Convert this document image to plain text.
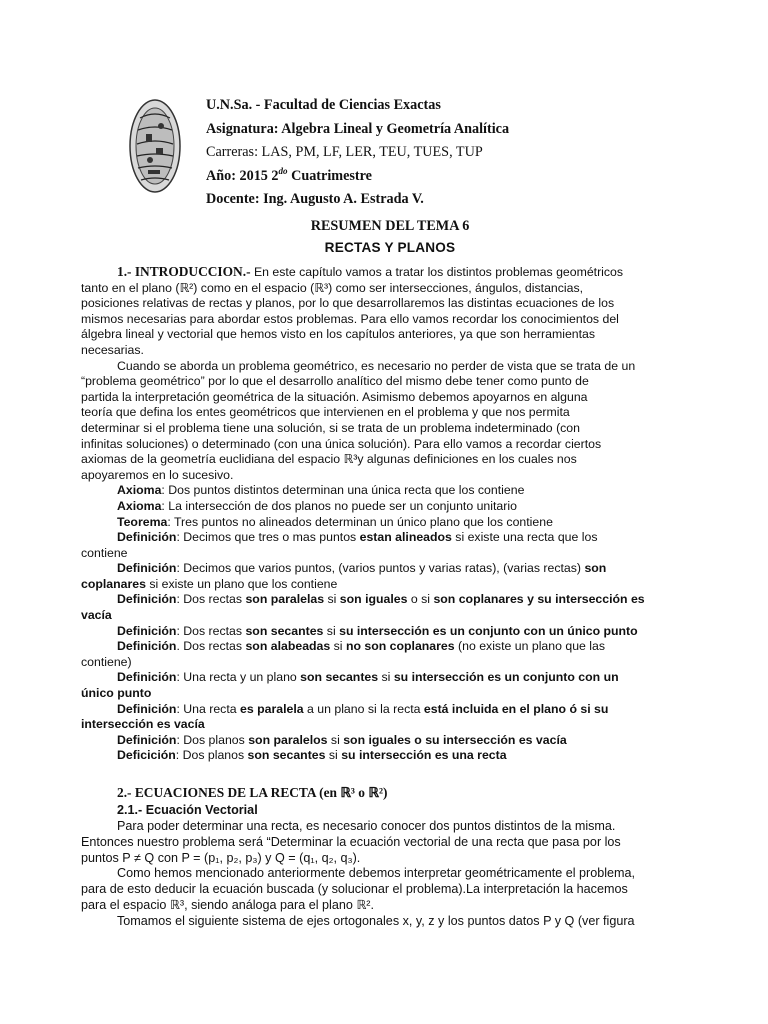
U.N.Sa. - Facultad de Ciencias Exactas
Asignatura: Algebra Lineal y Geometría Analítica
Carreras: LAS, PM, LF, LER, TEU, TUES, TUP
Año: 2015 $2^{do}$ Cuatrimestre
Docente: Ing. Augusto A. Estrada V.
RESUMEN DEL TEMA 6
RECTAS Y PLANOS
1.- INTRODUCCION.- En este capítulo vamos a tratar los distintos problemas geométricos
tanto en el plano (ℝ²) como en el espacio (ℝ³) como ser intersecciones, ángulos, distancias,
posiciones relativas de rectas y planos, por lo que desarrollaremos las distintas ecuaciones de los
mismos necesarias para abordar estos problemas. Para ello vamos recordar los conocimientos del
álgebra lineal y vectorial que hemos visto en los capítulos anteriores, ya que son herramientas
necesarias.
Cuando se aborda un problema geométrico, es necesario no perder de vista que se trata de un
“problema geométrico” por lo que el desarrollo analítico del mismo debe tener como punto de
partida la interpretación geométrica de la situación. Asimismo debemos apoyarnos en alguna
teoría que defina los entes geométricos que intervienen en el problema y que nos permita
determinar si el problema tiene una solución, si se trata de un problema indeterminado (con
infinitas soluciones) o determinado (con una única solución). Para ello vamos a recordar ciertos
axiomas de la geometría euclidiana del espacio ℝ³y algunas definiciones en los cuales nos
apoyaremos en lo sucesivo.
Axioma: Dos puntos distintos determinan una única recta que los contiene
Axioma: La intersección de dos planos no puede ser un conjunto unitario
Teorema: Tres puntos no alineados determinan un único plano que los contiene
Definición: Decimos que tres o mas puntos estan alineados si existe una recta que los
contiene
Definición: Decimos que varios puntos, (varios puntos y varias ratas), (varias rectas) son
coplanares si existe un plano que los contiene
Definición: Dos rectas son paralelas si son iguales o si son coplanares y su intersección es
vacía
Definición: Dos rectas son secantes si su intersección es un conjunto con un único punto
Definición. Dos rectas son alabeadas si no son coplanares (no existe un plano que las
contiene)
Definición: Una recta y un plano son secantes si su intersección es un conjunto con un
único punto
Definición: Una recta es paralela a un plano si la recta está incluida en el plano ó si su
intersección es vacía
Definición: Dos planos son paralelos si son iguales o su intersección es vacía
Deficición: Dos planos son secantes si su intersección es una recta
2.- ECUACIONES DE LA RECTA (en ℝ³ o ℝ²)
2.1.- Ecuación Vectorial
Para poder determinar una recta, es necesario conocer dos puntos distintos de la misma.
Entonces nuestro problema será “Determinar la ecuación vectorial de una recta que pasa por los
puntos P ≠ Q con P = (p₁, p₂, p₃) y Q = (q₁, q₂, q₃).
Como hemos mencionado anteriormente debemos interpretar geométricamente el problema,
para de esto deducir la ecuación buscada (y solucionar el problema).La interpretación la hacemos
para el espacio ℝ³, siendo análoga para el plano ℝ².
Tomamos el siguiente sistema de ejes ortogonales x, y, z y los puntos datos P y Q (ver figura
